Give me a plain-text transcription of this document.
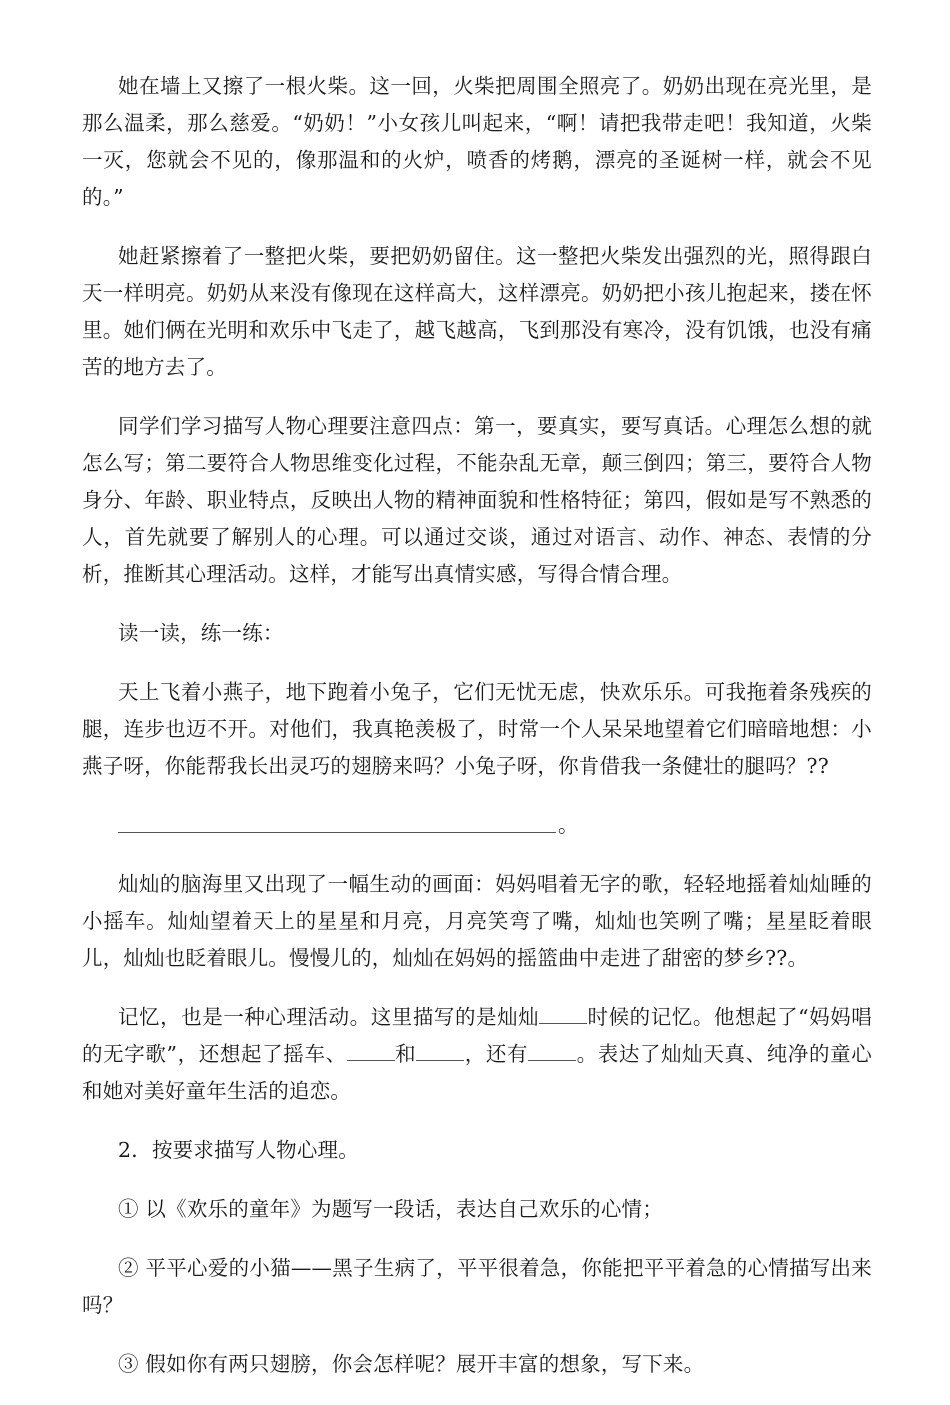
她在墙上又擦了一根火柴。这一回，火柴把周围全照亮了。奶奶出现在亮光里，是那么温柔，那么慈爱。“奶奶！”小女孩儿叫起来，“啊！请把我带走吧！我知道，火柴一灭，您就会不见的，像那温和的火炉，喷香的烤鹅，漂亮的圣诞树一样，就会不见的。”

她赶紧擦着了一整把火柴，要把奶奶留住。这一整把火柴发出强烈的光，照得跟白天一样明亮。奶奶从来没有像现在这样高大，这样漂亮。奶奶把小孩儿抱起来，搂在怀里。她们俩在光明和欢乐中飞走了，越飞越高，飞到那没有寒冷，没有饥饿，也没有痛苦的地方去了。

同学们学习描写人物心理要注意四点：第一，要真实，要写真话。心理怎么想的就怎么写；第二要符合人物思维变化过程，不能杂乱无章，颠三倒四；第三，要符合人物身分、年龄、职业特点，反映出人物的精神面貌和性格特征；第四，假如是写不熟悉的人，首先就要了解别人的心理。可以通过交谈，通过对语言、动作、神态、表情的分析，推断其心理活动。这样，才能写出真情实感，写得合情合理。

读一读，练一练：

天上飞着小燕子，地下跑着小兔子，它们无忧无虑，快欢乐乐。可我拖着条残疾的腿，连步也迈不开。对他们，我真艳羡极了，时常一个人呆呆地望着它们暗暗地想：小燕子呀，你能帮我长出灵巧的翅膀来吗？小兔子呀，你肯借我一条健壮的腿吗？??

。

灿灿的脑海里又出现了一幅生动的画面：妈妈唱着无字的歌，轻轻地摇着灿灿睡的小摇车。灿灿望着天上的星星和月亮，月亮笑弯了嘴，灿灿也笑咧了嘴；星星眨着眼儿，灿灿也眨着眼儿。慢慢儿的，灿灿在妈妈的摇篮曲中走进了甜密的梦乡??。

记忆，也是一种心理活动。这里描写的是灿灿 时候的记忆。他想起了“妈妈唱的无字歌”，还想起了摇车、 和 ，还有 。表达了灿灿天真、纯净的童心和她对美好童年生活的追恋。

2．按要求描写人物心理。

① 以《欢乐的童年》为题写一段话，表达自己欢乐的心情；

② 平平心爱的小猫——黑子生病了，平平很着急，你能把平平着急的心情描写出来吗？

③ 假如你有两只翅膀，你会怎样呢？展开丰富的想象，写下来。
